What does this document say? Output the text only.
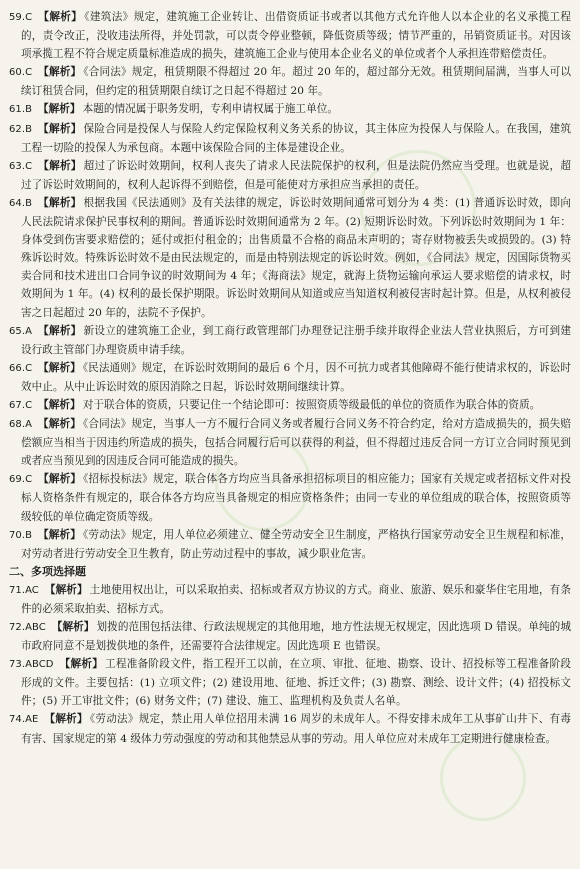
59.C 【解析】 《建筑法》规定，建筑施工企业转让、出借资质证书或者以其他方式允许他人以本企业的名义承揽工程的，责令改正，没收违法所得，并处罚款，可以责令停业整顿，降低资质等级；情节严重的，吊销资质证书。对因该项承揽工程不符合规定质量标准造成的损失，建筑施工企业与使用本企业名义的单位或者个人承担连带赔偿责任。
60.C 【解析】 《合同法》规定，租赁期限不得超过 20 年。超过 20 年的，超过部分无效。租赁期间届满，当事人可以续订租赁合同，但约定的租赁期限自续订之日起不得超过 20 年。
61.B 【解析】 本题的情况属于职务发明，专利申请权属于施工单位。
62.B 【解析】 保险合同是投保人与保险人约定保险权利义务关系的协议，其主体应为投保人与保险人。在我国，建筑工程一切险的投保人为承包商。本题中该保险合同的主体是建设企业。
63.C 【解析】 超过了诉讼时效期间，权利人丧失了请求人民法院保护的权利，但是法院仍然应当受理。也就是说，超过了诉讼时效期间的，权利人起诉得不到赔偿，但是可能使对方承担应当承担的责任。
64.B 【解析】 根据我国《民法通则》及有关法律的规定，诉讼时效期间通常可划分为 4 类：(1) 普通诉讼时效，即向人民法院请求保护民事权利的期间。普通诉讼时效期间通常为 2 年。(2) 短期诉讼时效。下列诉讼时效期间为 1 年：身体受到伤害要求赔偿的；延付或拒付租金的；出售质量不合格的商品未声明的；寄存财物被丢失或损毁的。(3) 特殊诉讼时效。特殊诉讼时效不是由民法规定的，而是由特别法规定的诉讼时效。例如，《合同法》规定，因国际货物买卖合同和技术进出口合同争议的时效期间为 4 年；《海商法》规定，就海上货物运输向承运人要求赔偿的请求权，时效期间为 1 年。(4) 权利的最长保护期限。诉讼时效期间从知道或应当知道权利被侵害时起计算。但是，从权利被侵害之日起超过 20 年的，法院不予保护。
65.A 【解析】 新设立的建筑施工企业，到工商行政管理部门办理登记注册手续并取得企业法人营业执照后，方可到建设行政主管部门办理资质申请手续。
66.C 【解析】 《民法通则》规定，在诉讼时效期间的最后 6 个月，因不可抗力或者其他障碍不能行使请求权的，诉讼时效中止。从中止诉讼时效的原因消除之日起，诉讼时效期间继续计算。
67.C 【解析】 对于联合体的资质，只要记住一个结论即可：按照资质等级最低的单位的资质作为联合体的资质。
68.A 【解析】 《合同法》规定，当事人一方不履行合同义务或者履行合同义务不符合约定，给对方造成损失的，损失赔偿额应当相当于因违约所造成的损失，包括合同履行后可以获得的利益，但不得超过违反合同一方订立合同时预见到或者应当预见到的因违反合同可能造成的损失。
69.C 【解析】 《招标投标法》规定，联合体各方均应当具备承担招标项目的相应能力；国家有关规定或者招标文件对投标人资格条件有规定的，联合体各方均应当具备规定的相应资格条件；由同一专业的单位组成的联合体，按照资质等级较低的单位确定资质等级。
70.B 【解析】 《劳动法》规定，用人单位必须建立、健全劳动安全卫生制度，严格执行国家劳动安全卫生规程和标准，对劳动者进行劳动安全卫生教育，防止劳动过程中的事故，减少职业危害。
二、多项选择题
71.AC 【解析】 土地使用权出让，可以采取拍卖、招标或者双方协议的方式。商业、旅游、娱乐和豪华住宅用地，有条件的必须采取拍卖、招标方式。
72.ABC 【解析】 划拨的范围包括法律、行政法规规定的其他用地，地方性法规无权规定，因此选项 D 错误。单纯的城市政府同意不是划拨供地的条件，还需要符合法律规定。因此选项 E 也错误。
73.ABCD 【解析】 工程准备阶段文件，指工程开工以前，在立项、审批、征地、勘察、设计、招投标等工程准备阶段形成的文件。主要包括：(1) 立项文件；(2) 建设用地、征地、拆迁文件；(3) 勘察、测绘、设计文件；(4) 招投标文件；(5) 开工审批文件；(6) 财务文件；(7) 建设、施工、监理机构及负责人名单。
74.AE 【解析】 《劳动法》规定，禁止用人单位招用未满 16 周岁的未成年人。不得安排未成年工从事矿山井下、有毒有害、国家规定的第 4 级体力劳动强度的劳动和其他禁忌从事的劳动。用人单位应对未成年工定期进行健康检查。
